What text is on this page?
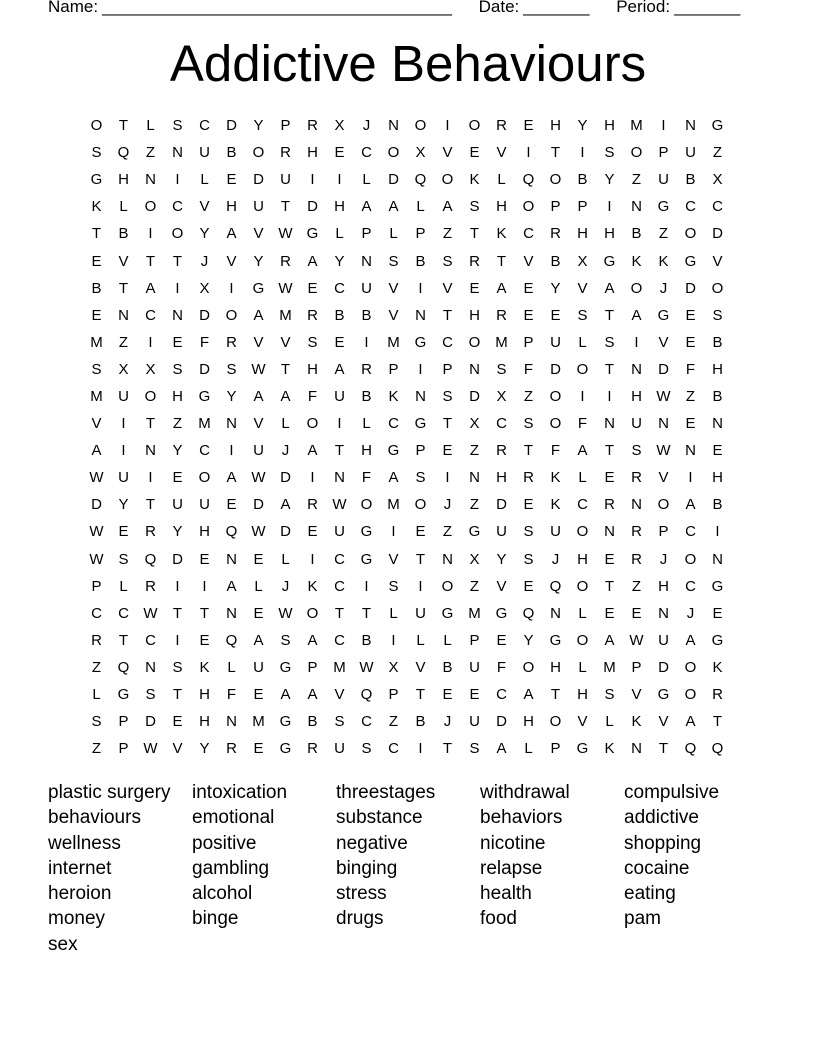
Name: _____________________________________ Date: _______ Period: _______
Addictive Behaviours
O	T	L	S	C	D	Y	P	R	X	J	N	O	I	O	R	E	H	Y	H	M	I	N	G
S	Q	Z	N	U	B	O	R	H	E	C	O	X	V	E	V	I	T	I	S	O	P	U	Z
G	H	N	I	L	E	D	U	I	I	L	D	Q	O	K	L	Q	O	B	Y	Z	U	B	X
K	L	O	C	V	H	U	T	D	H	A	A	L	A	S	H	O	P	P	I	N	G	C	C
T	B	I	O	Y	A	V W G	L	P	L	P	Z	T	K	C	R	H	H	B	Z	O	D
E	V	T	T	J	V	Y	R	A	Y	N	S	B	S	R	T	V	B	X	G	K	K	G	V
B	T	A	I	X	I	G W E	C	U	V	I	V	E	A	E	Y	V	A	O	J	D	O
E	N	C	N	D	O	A	M	R	B	B	V	N	T	H	R	E	E	S	T	A	G	E	S
M	Z	I	E	F	R	V	V	S	E	I	M G	C	O M	P	U	L	S	I	V	E	B
S	X	X	S	D	S W	T	H	A	R	P	I	P	N	S	F	D	O	T	N	D	F	H
M	U	O	H	G	Y	A	A	F	U	B	K	N	S	D	X	Z	O	I	I	H W	Z	B
V	I	T	Z	M	N	V	L	O	I	L	C	G	T	X	C	S	O	F	N	U	N	E	N
A	I	N	Y	C	I	U	J	A	T	H	G	P	E	Z	R	T	F	A	T	S W N	E
W U	I	E	O	A W D	I	N	F	A	S	I	N	H	R	K	L	E	R	V	I	H
D	Y	T	U	U	E	D	A	R W O M O	J	Z	D	E	K	C	R	N	O	A	B
W E	R	Y	H	Q W D	E	U	G	I	E	Z	G	U	S	U	O	N	R	P	C	I
W S	Q	D	E	N	E	L	I	C	G	V	T	N	X	Y	S	J	H	E	R	J	O	N
P	L	R	I	I	A	L	J	K	C	I	S	I	O	Z	V	E	Q	O	T	Z	H	C	G
C	C W	T	T	N	E W O	T	T	L	U	G M G	Q	N	L	E	E	N	J	E
R	T	C	I	E	Q	A	S	A	C	B	I	L	L	P	E	Y	G	O	A W U	A	G
Z	Q	N	S	K	L	U	G	P	M W X	V	B	U	F	O	H	L	M	P	D	O	K
L	G	S	T	H	F	E	A	A	V	Q	P	T	E	E	C	A	T	H	S	V	G	O	R
S	P	D	E	H	N	M G	B	S	C	Z	B	J	U	D	H	O	V	L	K	V	A	T
Z	P W V	Y	R	E	G	R	U	S	C	I	T	S	A	L	P	G	K	N	T	Q	Q
plastic surgery	intoxication	threestages	withdrawal	compulsive
behaviours	emotional	substance	behaviors	addictive
wellness	positive	negative	nicotine	shopping
internet	gambling	binging	relapse	cocaine
heroion	alcohol	stress	health	eating
money	binge	drugs	food	pam
sex
